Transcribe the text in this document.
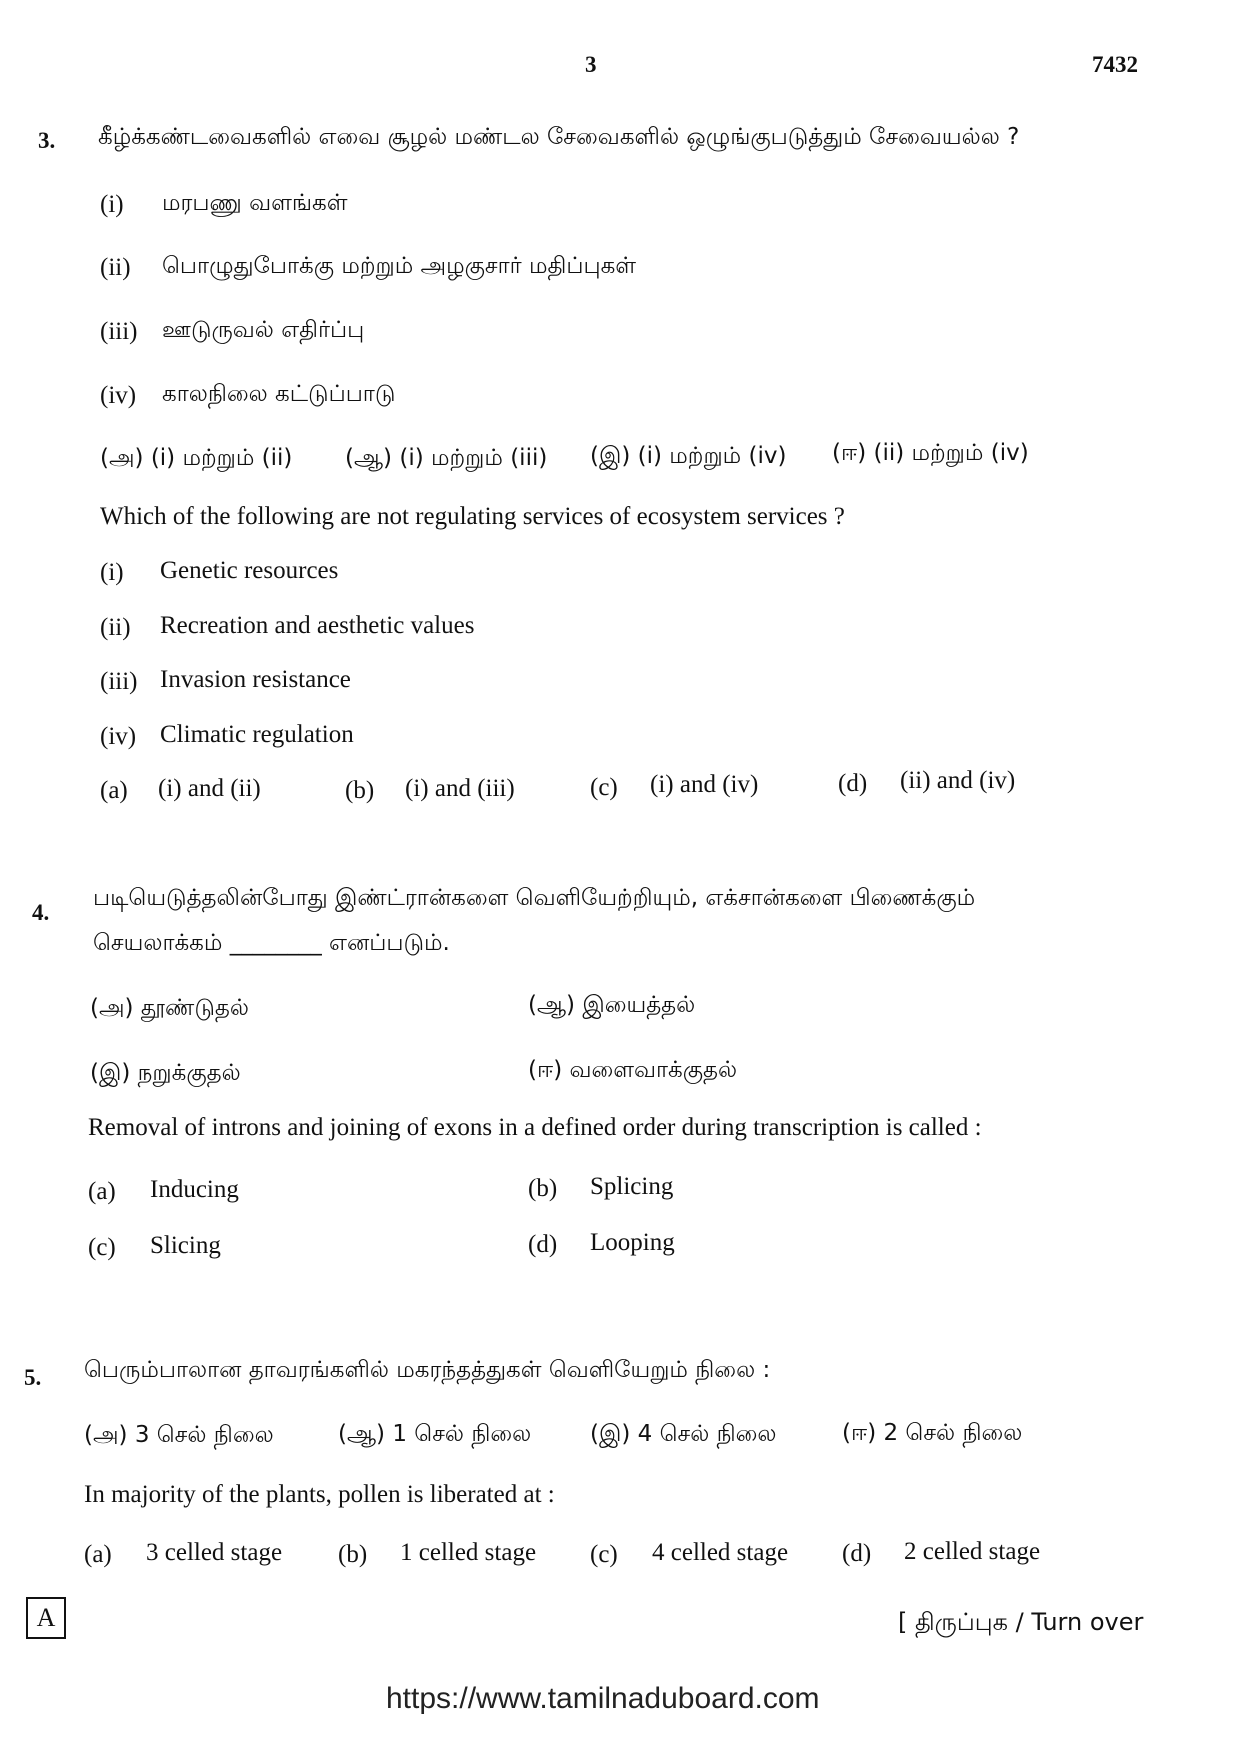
3	7432
3. கீழ்க்கண்டவைகளில் எவை சூழல் மண்டல சேவைகளில் ஒழுங்குபடுத்தும் சேவையல்ல ?
(i) மரபணு வளங்கள்
(ii) பொழுதுபோக்கு மற்றும் அழகுசார் மதிப்புகள்
(iii) ஊடுருவல் எதிர்ப்பு
(iv) காலநிலை கட்டுப்பாடு
(அ) (i) மற்றும் (ii) (ஆ) (i) மற்றும் (iii) (இ) (i) மற்றும் (iv) (ஈ) (ii) மற்றும் (iv)
Which of the following are not regulating services of ecosystem services ?
(i) Genetic resources
(ii) Recreation and aesthetic values
(iii) Invasion resistance
(iv) Climatic regulation
(a) (i) and (ii)	(b) (i) and (iii)	(c) (i) and (iv)	(d) (ii) and (iv)
4.
படியெடுத்தலின்போது இண்ட்ரான்களை வெளியேற்றியும், எக்சான்களை பிணைக்கும்
செயலாக்கம் ________ எனப்படும்.
(அ) தூண்டுதல்	(ஆ) இயைத்தல்
(இ) நறுக்குதல்	(ஈ) வளைவாக்குதல்
Removal of introns and joining of exons in a defined order during transcription is called :
(a) Inducing	(b) Splicing
(c) Slicing	(d) Looping
5. பெரும்பாலான தாவரங்களில் மகரந்தத்துகள் வெளியேறும் நிலை :
(அ) 3 செல் நிலை	(ஆ) 1 செல் நிலை	(இ) 4 செல் நிலை	(ஈ) 2 செல் நிலை
In majority of the plants, pollen is liberated at :
(a) 3 celled stage (b) 1 celled stage (c) 4 celled stage (d) 2 celled stage
A	[ திருப்புக / Turn over
https://www.tamilnaduboard.com
